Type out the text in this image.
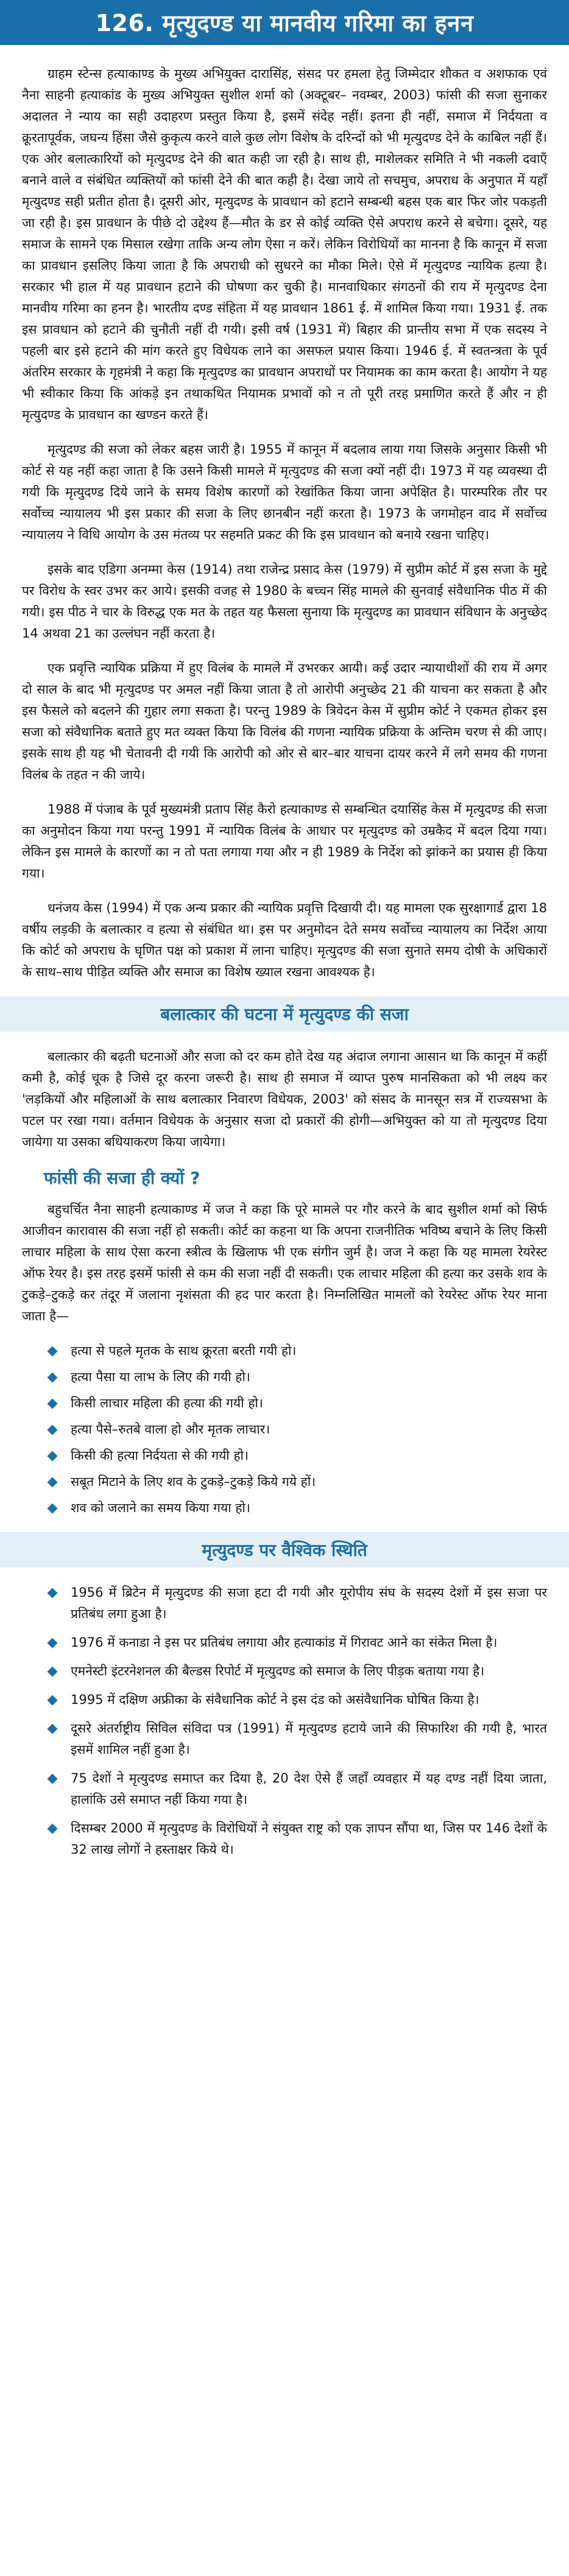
126. मृत्युदण्ड या मानवीय गरिमा का हनन

ग्राहम स्टेन्स हत्याकाण्ड के मुख्य अभियुक्त दारासिंह, संसद पर हमला हेतु जिम्मेदार शौकत व अशफाक एवं नैना साहनी हत्याकांड के मुख्य अभियुक्त सुशील शर्मा को (अक्टूबर– नवम्बर, 2003) फांसी की सजा सुनाकर अदालत ने न्याय का सही उदाहरण प्रस्तुत किया है, इसमें संदेह नहीं। इतना ही नहीं, समाज में निर्दयता व क्रूरतापूर्वक, जघन्य हिंसा जैसे कुकृत्य करने वाले कुछ लोग विशेष के दरिन्दों को भी मृत्युदण्ड देने के काबिल नहीं हैं। एक ओर बलात्कारियों को मृत्युदण्ड देने की बात कही जा रही है। साथ ही, माशेलकर समिति ने भी नकली दवाएँ बनाने वाले व संबंधित व्यक्तियों को फांसी देने की बात कही है। देखा जाये तो सचमुच, अपराध के अनुपात में यहाँ मृत्युदण्ड सही प्रतीत होता है। दूसरी ओर, मृत्युदण्ड के प्रावधान को हटाने सम्बन्धी बहस एक बार फिर जोर पकड़ती जा रही है। इस प्रावधान के पीछे दो उद्देश्य हैं—मौत के डर से कोई व्यक्ति ऐसे अपराध करने से बचेगा। दूसरे, यह समाज के सामने एक मिसाल रखेगा ताकि अन्य लोग ऐसा न करें। लेकिन विरोधियों का मानना है कि कानून में सजा का प्रावधान इसलिए किया जाता है कि अपराधी को सुधरने का मौका मिले। ऐसे में मृत्युदण्ड न्यायिक हत्या है। सरकार भी हाल में यह प्रावधान हटाने की घोषणा कर चुकी है। मानवाधिकार संगठनों की राय में मृत्युदण्ड देना मानवीय गरिमा का हनन है। भारतीय दण्ड संहिता में यह प्रावधान 1861 ई. में शामिल किया गया। 1931 ई. तक इस प्रावधान को हटाने की चुनौती नहीं दी गयी। इसी वर्ष (1931 में) बिहार की प्रान्तीय सभा में एक सदस्य ने पहली बार इसे हटाने की मांग करते हुए विधेयक लाने का असफल प्रयास किया। 1946 ई. में स्वतन्त्रता के पूर्व अंतरिम सरकार के गृहमंत्री ने कहा कि मृत्युदण्ड का प्रावधान अपराधों पर नियामक का काम करता है। आयोग ने यह भी स्वीकार किया कि आंकड़े इन तथाकथित नियामक प्रभावों को न तो पूरी तरह प्रमाणित करते हैं और न ही मृत्युदण्ड के प्रावधान का खण्डन करते हैं।

मृत्युदण्ड की सजा को लेकर बहस जारी है। 1955 में कानून में बदलाव लाया गया जिसके अनुसार किसी भी कोर्ट से यह नहीं कहा जाता है कि उसने किसी मामले में मृत्युदण्ड की सजा क्यों नहीं दी। 1973 में यह व्यवस्था दी गयी कि मृत्युदण्ड दिये जाने के समय विशेष कारणों को रेखांकित किया जाना अपेक्षित है। पारम्परिक तौर पर सर्वोच्च न्यायालय भी इस प्रकार की सजा के लिए छानबीन नहीं करता है। 1973 के जगमोहन वाद में सर्वोच्च न्यायालय ने विधि आयोग के उस मंतव्य पर सहमति प्रकट की कि इस प्रावधान को बनाये रखना चाहिए।

इसके बाद एडिगा अनम्मा केस (1914) तथा राजेन्द्र प्रसाद केस (1979) में सुप्रीम कोर्ट में इस सजा के मुद्दे पर विरोध के स्वर उभर कर आये। इसकी वजह से 1980 के बच्चन सिंह मामले की सुनवाई संवैधानिक पीठ में की गयी। इस पीठ ने चार के विरुद्ध एक मत के तहत यह फैसला सुनाया कि मृत्युदण्ड का प्रावधान संविधान के अनुच्छेद 14 अथवा 21 का उल्लंघन नहीं करता है।

एक प्रवृत्ति न्यायिक प्रक्रिया में हुए विलंब के मामले में उभरकर आयी। कई उदार न्यायाधीशों की राय में अगर दो साल के बाद भी मृत्युदण्ड पर अमल नहीं किया जाता है तो आरोपी अनुच्छेद 21 की याचना कर सकता है और इस फैसले को बदलने की गुहार लगा सकता है। परन्तु 1989 के त्रिवेदन केस में सुप्रीम कोर्ट ने एकमत होकर इस सजा को संवैधानिक बताते हुए मत व्यक्त किया कि विलंब की गणना न्यायिक प्रक्रिया के अन्तिम चरण से की जाए। इसके साथ ही यह भी चेतावनी दी गयी कि आरोपी को ओर से बार–बार याचना दायर करने में लगे समय की गणना विलंब के तहत न की जाये।

1988 में पंजाब के पूर्व मुख्यमंत्री प्रताप सिंह कैरो हत्याकाण्ड से सम्बन्धित दयासिंह केस में मृत्युदण्ड की सजा का अनुमोदन किया गया परन्तु 1991 में न्यायिक विलंब के आधार पर मृत्युदण्ड को उम्रकैद में बदल दिया गया। लेकिन इस मामले के कारणों का न तो पता लगाया गया और न ही 1989 के निर्देश को झांकने का प्रयास ही किया गया।

धनंजय केस (1994) में एक अन्य प्रकार की न्यायिक प्रवृत्ति दिखायी दी। यह मामला एक सुरक्षागार्ड द्वारा 18 वर्षीय लड़की के बलात्कार व हत्या से संबंधित था। इस पर अनुमोदन देते समय सर्वोच्च न्यायालय का निर्देश आया कि कोर्ट को अपराध के घृणित पक्ष को प्रकाश में लाना चाहिए। मृत्युदण्ड की सजा सुनाते समय दोषी के अधिकारों के साथ–साथ पीड़ित व्यक्ति और समाज का विशेष ख्याल रखना आवश्यक है।

बलात्कार की घटना में मृत्युदण्ड की सजा

बलात्कार की बढ़ती घटनाओं और सजा को दर कम होते देख यह अंदाज लगाना आसान था कि कानून में कहीं कमी है, कोई चूक है जिसे दूर करना जरूरी है। साथ ही समाज में व्याप्त पुरुष मानसिकता को भी लक्ष्य कर 'लड़कियों और महिलाओं के साथ बलात्कार निवारण विधेयक, 2003' को संसद के मानसून सत्र में राज्यसभा के पटल पर रखा गया। वर्तमान विधेयक के अनुसार सजा दो प्रकारों की होगी—अभियुक्त को या तो मृत्युदण्ड दिया जायेगा या उसका बधियाकरण किया जायेगा।

फांसी की सजा ही क्यों ?

बहुचर्चित नैना साहनी हत्याकाण्ड में जज ने कहा कि पूरे मामले पर गौर करने के बाद सुशील शर्मा को सिर्फ आजीवन कारावास की सजा नहीं हो सकती। कोर्ट का कहना था कि अपना राजनीतिक भविष्य बचाने के लिए किसी लाचार महिला के साथ ऐसा करना स्त्रीत्व के खिलाफ भी एक संगीन जुर्म है। जज ने कहा कि यह मामला रेयरेस्ट ऑफ रेयर है। इस तरह इसमें फांसी से कम की सजा नहीं दी सकती। एक लाचार महिला की हत्या कर उसके शव के टुकड़े–टुकड़े कर तंदूर में जलाना नृशंसता की हद पार करता है। निम्नलिखित मामलों को रेयरेस्ट ऑफ रेयर माना जाता है—

हत्या से पहले मृतक के साथ क्रूरता बरती गयी हो।
हत्या पैसा या लाभ के लिए की गयी हो।
किसी लाचार महिला की हत्या की गयी हो।
हत्या पैसे–रुतबे वाला हो और मृतक लाचार।
किसी की हत्या निर्दयता से की गयी हो।
सबूत मिटाने के लिए शव के टुकड़े–टुकड़े किये गये हों।
शव को जलाने का समय किया गया हो।
मृत्युदण्ड पर वैश्विक स्थिति
1956 में ब्रिटेन में मृत्युदण्ड की सजा हटा दी गयी और यूरोपीय संघ के सदस्य देशों में इस सजा पर प्रतिबंध लगा हुआ है।
1976 में कनाडा ने इस पर प्रतिबंध लगाया और हत्याकांड में गिरावट आने का संकेत मिला है।
एमनेस्टी इंटरनेशनल की बैल्डस रिपोर्ट में मृत्युदण्ड को समाज के लिए पीड़क बताया गया है।
1995 में दक्षिण अफ्रीका के संवैधानिक कोर्ट ने इस दंड को असंवैधानिक घोषित किया है।
दूसरे अंतर्राष्ट्रीय सिविल संविदा पत्र (1991) में मृत्युदण्ड हटाये जाने की सिफारिश की गयी है, भारत इसमें शामिल नहीं हुआ है।
75 देशों ने मृत्युदण्ड समाप्त कर दिया है, 20 देश ऐसे हैं जहाँ व्यवहार में यह दण्ड नहीं दिया जाता, हालांकि उसे समाप्त नहीं किया गया है।
दिसम्बर 2000 में मृत्युदण्ड के विरोधियों ने संयुक्त राष्ट्र को एक ज्ञापन सौंपा था, जिस पर 146 देशों के 32 लाख लोगों ने हस्ताक्षर किये थे।
